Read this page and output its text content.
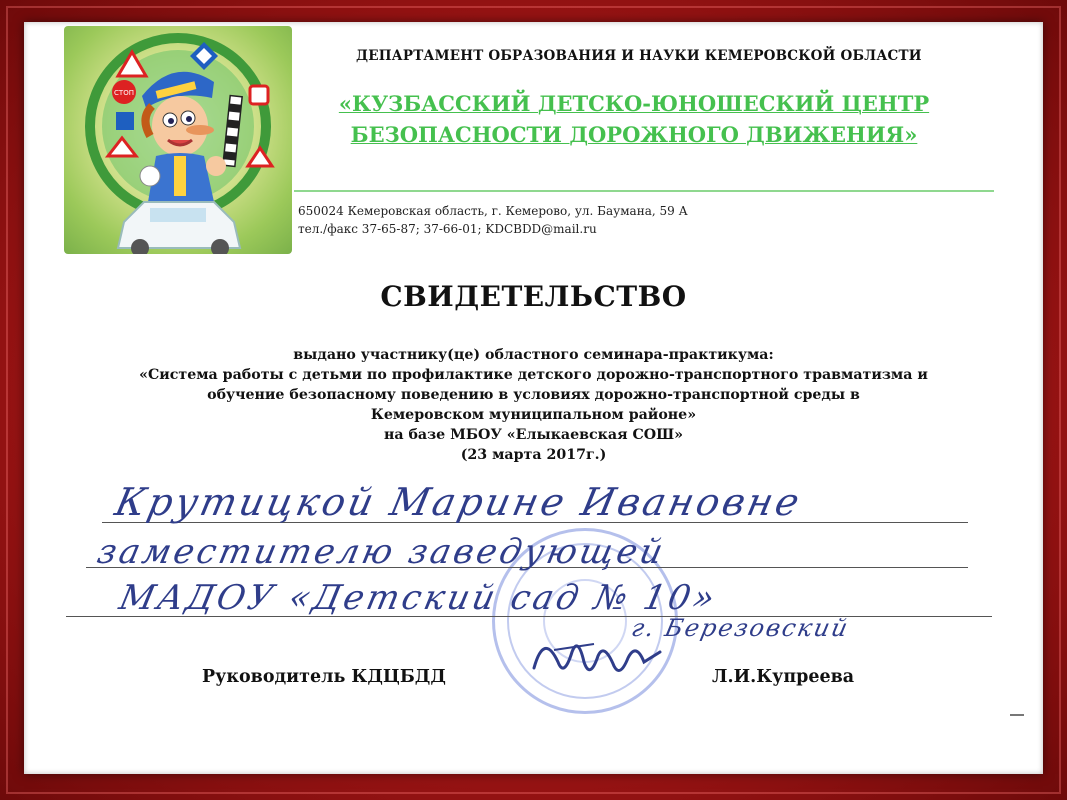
СТОП
ДЕПАРТАМЕНТ ОБРАЗОВАНИЯ И НАУКИ КЕМЕРОВСКОЙ ОБЛАСТИ
«КУЗБАССКИЙ ДЕТСКО-ЮНОШЕСКИЙ ЦЕНТР
БЕЗОПАСНОСТИ ДОРОЖНОГО ДВИЖЕНИЯ»
650024 Кемеровская область, г. Кемерово, ул. Баумана, 59 А
тел./факс 37-65-87; 37-66-01; KDCBDD@mail.ru
СВИДЕТЕЛЬСТВО
выдано участнику(це) областного семинара-практикума:
«Система работы с детьми по профилактике детского дорожно-транспортного травматизма и
обучение безопасному поведению в условиях дорожно-транспортной среды в
Кемеровском муниципальном районе»
на базе МБОУ «Елыкаевская СОШ»
(23 марта 2017г.)
Крутицкой Марине Ивановне
заместителю заведующей
МАДОУ «Детский сад № 10»
г. Березовский
Руководитель КДЦБДД	Л.И.Купреева
